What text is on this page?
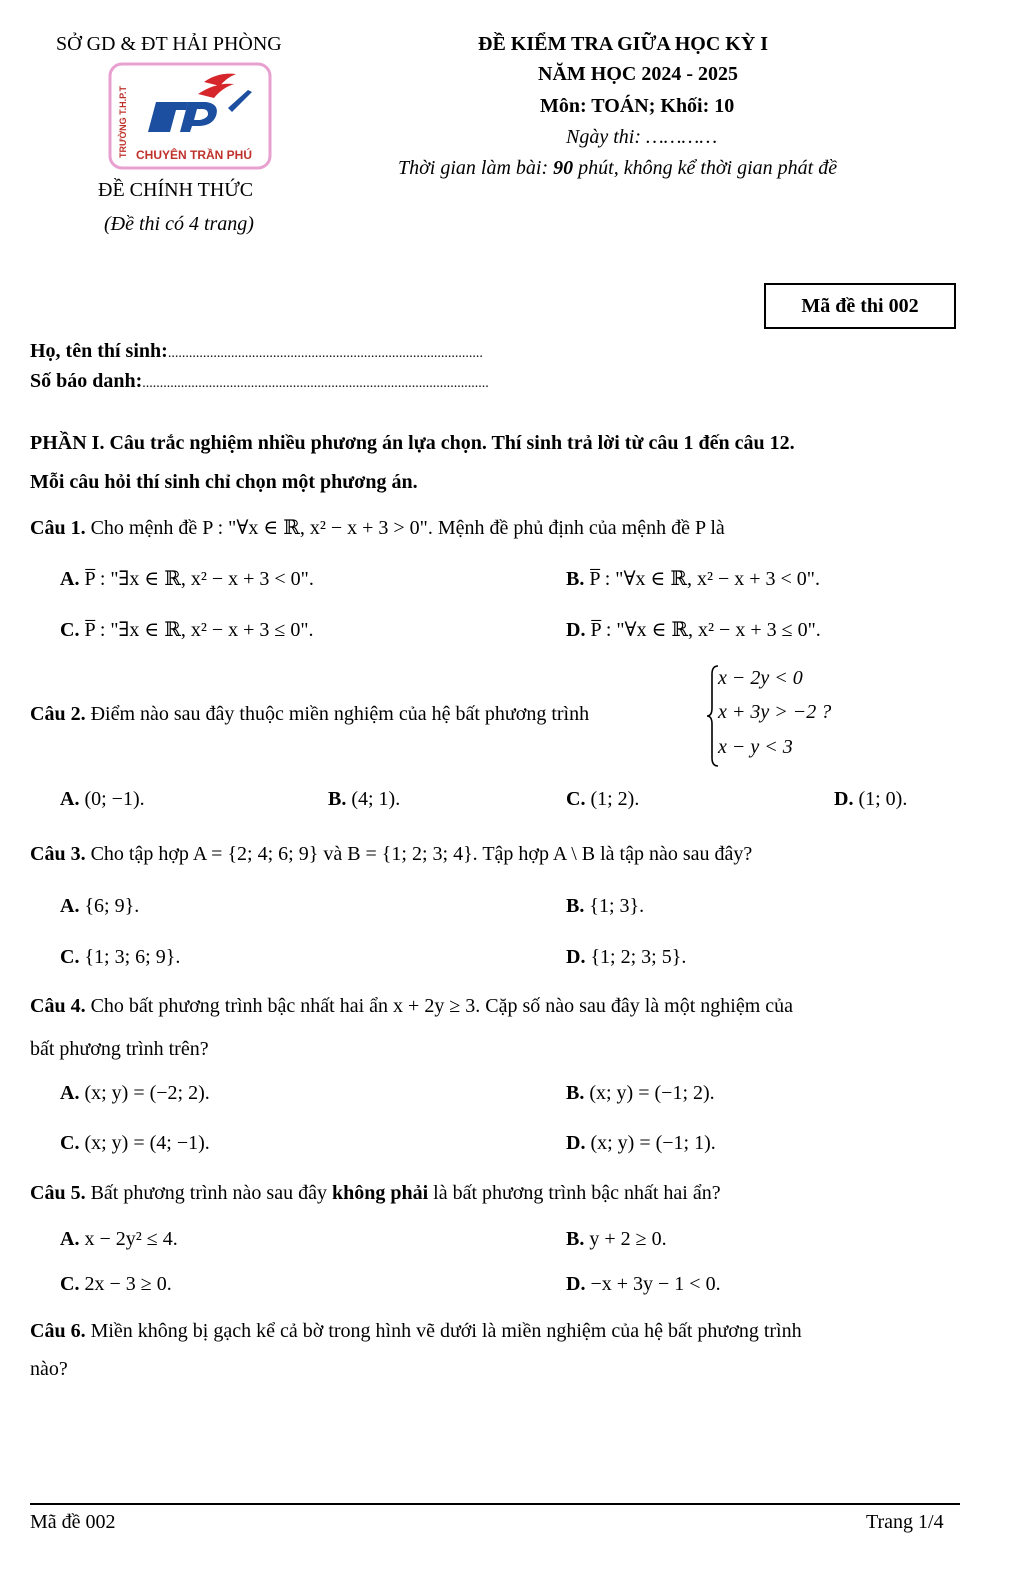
SỞ GD & ĐT HẢI PHÒNG
TRƯỜNG T.H.P.T CHUYÊN TRẦN PHÚ
ĐỀ CHÍNH THỨC
(Đề thi có 4 trang)
ĐỀ KIỂM TRA GIỮA HỌC KỲ I
NĂM HỌC 2024 - 2025
Môn: TOÁN; Khối: 10
Ngày thi: …………
Thời gian làm bài: 90 phút, không kể thời gian phát đề
Mã đề thi 002
Họ, tên thí sinh:..........................................................................................
Số báo danh:...................................................................................................
PHẦN I. Câu trắc nghiệm nhiều phương án lựa chọn. Thí sinh trả lời từ câu 1 đến câu 12.
Mỗi câu hỏi thí sinh chỉ chọn một phương án.
Câu 1. Cho mệnh đề P : "∀x ∈ ℝ, x² − x + 3 > 0". Mệnh đề phủ định của mệnh đề P là
A. P̅ : "∃x ∈ ℝ, x² − x + 3 < 0".	B. P̅ : "∀x ∈ ℝ, x² − x + 3 < 0".
C. P̅ : "∃x ∈ ℝ, x² − x + 3 ≤ 0".	D. P̅ : "∀x ∈ ℝ, x² − x + 3 ≤ 0".
Câu 2. Điểm nào sau đây thuộc miền nghiệm của hệ bất phương trình
x − 2y < 0
x + 3y > −2 ?
x − y < 3
A. (0; −1).	B. (4; 1).	C. (1; 2).	D. (1; 0).
Câu 3. Cho tập hợp A = {2; 4; 6; 9} và B = {1; 2; 3; 4}. Tập hợp A \ B là tập nào sau đây?
A. {6; 9}.	B. {1; 3}.
C. {1; 3; 6; 9}.	D. {1; 2; 3; 5}.
Câu 4. Cho bất phương trình bậc nhất hai ẩn x + 2y ≥ 3. Cặp số nào sau đây là một nghiệm của
bất phương trình trên?
A. (x; y) = (−2; 2).	B. (x; y) = (−1; 2).
C. (x; y) = (4; −1).	D. (x; y) = (−1; 1).
Câu 5. Bất phương trình nào sau đây không phải là bất phương trình bậc nhất hai ẩn?
A. x − 2y² ≤ 4.	B. y + 2 ≥ 0.
C. 2x − 3 ≥ 0.	D. −x + 3y − 1 < 0.
Câu 6. Miền không bị gạch kể cả bờ trong hình vẽ dưới là miền nghiệm của hệ bất phương trình
nào?
Mã đề 002	Trang 1/4
